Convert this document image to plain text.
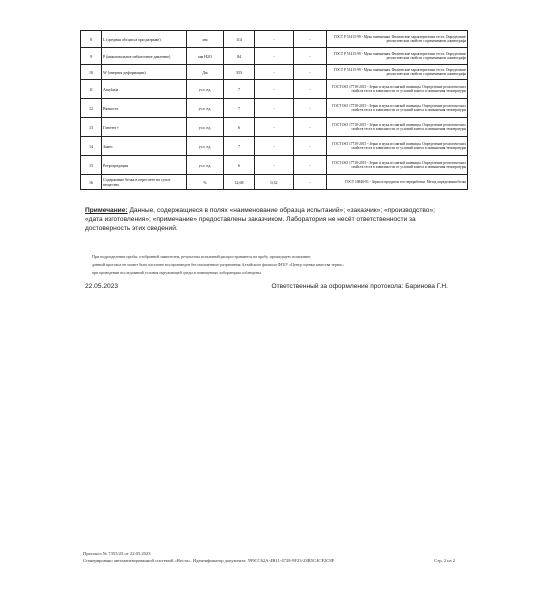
8	L (средняя абсцисса при разрыве)	мм	114	-	-	ГОСТ Р 51415-99 - Мука пшеничная. Физические характеристики теста. Определение реологических свойств с применением альвеографа
9	P (максимальное избыточное давление)	мм H2O	84	-	-	ГОСТ Р 51415-99 - Мука пшеничная. Физические характеристики теста. Определение реологических свойств с применением альвеографа
10	W (энергия деформации)	Дж	353	-	-	ГОСТ Р 51415-99 - Мука пшеничная. Физические характеристики теста. Определение реологических свойств с применением альвеографа
11	Amylasia	усл. ед.	7	-	-	ГОСТ ISO 17718-2015 - Зерно и мука из мягкой пшеницы. Определение реологических свойств теста в зависимости от условий замеса и повышения температуры
12	Вязкость	усл. ед.	7	-	-	ГОСТ ISO 17718-2015 - Зерно и мука из мягкой пшеницы. Определение реологических свойств теста в зависимости от условий замеса и повышения температуры
13	Глютен +	усл. ед.	6	-	-	ГОСТ ISO 17718-2015 - Зерно и мука из мягкой пшеницы. Определение реологических свойств теста в зависимости от условий замеса и повышения температуры
14	Замес	усл. ед.	7	-	-	ГОСТ ISO 17718-2015 - Зерно и мука из мягкой пшеницы. Определение реологических свойств теста в зависимости от условий замеса и повышения температуры
15	Ретроградация	усл. ед.	6	-	-	ГОСТ ISO 17718-2015 - Зерно и мука из мягкой пшеницы. Определение реологических свойств теста в зависимости от условий замеса и повышения температуры
16	Содержание белка в пересчете на сухое вещество	%	12,68	0,32	-	ГОСТ 10846-91 - Зерно и продукты его переработки. Метод определения белка
Примечание: Данные, содержащиеся в полях «наименование образца испытаний»; «заказчик»; «производство»; «дата изготовления»; «примечание» предоставлены заказчиком. Лаборатория не несёт ответственности за достоверность этих сведений.
При подразделении пробы, отобранной заявителем, результаты испытаний распространяются на пробу, прошедшую испытание;
данный протокол не может быть частично воспроизведен без письменного разрешения Алтайского филиала ФГБУ «Центр оценки качества зерна»;
при проведении исследований условия окружающей среды в помещениях лаборатории соблюдены.
22.05.2023	Ответственный за оформление протокола: Баринова Г.Н.
Протокол № 7355/23 от 22.05.2023
Сгенерировано автоматизированной системой «Веста». Идентификатор документа: 599CC62A-4B11-4728-9F23-23B5C4CF2C8F	Стр. 2 из 2
